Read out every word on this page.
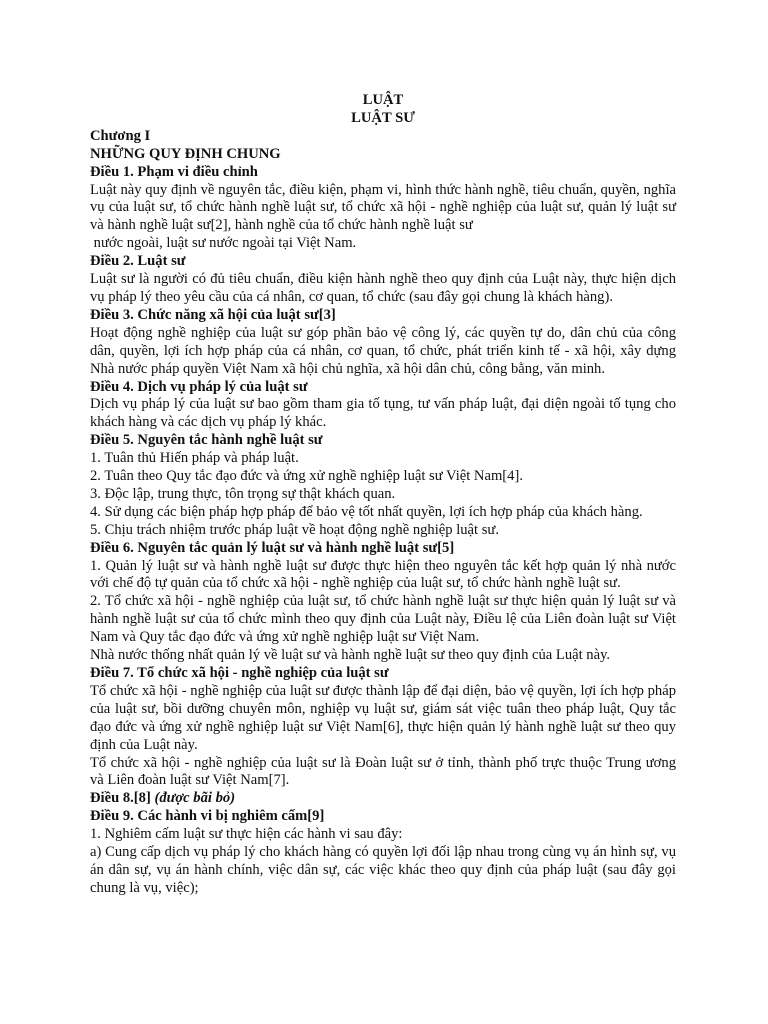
LUẬT
LUẬT SƯ
Chương I
NHỮNG QUY ĐỊNH CHUNG
Điều 1. Phạm vi điều chỉnh

Luật này quy định về nguyên tắc, điều kiện, phạm vi, hình thức hành nghề, tiêu chuẩn, quyền, nghĩa vụ của luật sư, tổ chức hành nghề luật sư, tổ chức xã hội - nghề nghiệp của luật sư, quản lý luật sư và hành nghề luật sư[2], hành nghề của tổ chức hành nghề luật sư

nước ngoài, luật sư nước ngoài tại Việt Nam.

Điều 2. Luật sư

Luật sư là người có đủ tiêu chuẩn, điều kiện hành nghề theo quy định của Luật này, thực hiện dịch vụ pháp lý theo yêu cầu của cá nhân, cơ quan, tổ chức (sau đây gọi chung là khách hàng).

Điều 3. Chức năng xã hội của luật sư[3]

Hoạt động nghề nghiệp của luật sư góp phần bảo vệ công lý, các quyền tự do, dân chủ của công dân, quyền, lợi ích hợp pháp của cá nhân, cơ quan, tổ chức, phát triển kinh tế - xã hội, xây dựng Nhà nước pháp quyền Việt Nam xã hội chủ nghĩa, xã hội dân chủ, công bằng, văn minh.

Điều 4. Dịch vụ pháp lý của luật sư

Dịch vụ pháp lý của luật sư bao gồm tham gia tố tụng, tư vấn pháp luật, đại diện ngoài tố tụng cho khách hàng và các dịch vụ pháp lý khác.

Điều 5. Nguyên tắc hành nghề luật sư

1. Tuân thủ Hiến pháp và pháp luật.

2. Tuân theo Quy tắc đạo đức và ứng xử nghề nghiệp luật sư Việt Nam[4].

3. Độc lập, trung thực, tôn trọng sự thật khách quan.

4. Sử dụng các biện pháp hợp pháp để bảo vệ tốt nhất quyền, lợi ích hợp pháp của khách hàng.

5. Chịu trách nhiệm trước pháp luật về hoạt động nghề nghiệp luật sư.

Điều 6. Nguyên tắc quản lý luật sư và hành nghề luật sư[5]

1. Quản lý luật sư và hành nghề luật sư được thực hiện theo nguyên tắc kết hợp quản lý nhà nước với chế độ tự quản của tổ chức xã hội - nghề nghiệp của luật sư, tổ chức hành nghề luật sư.

2. Tổ chức xã hội - nghề nghiệp của luật sư, tổ chức hành nghề luật sư thực hiện quản lý luật sư và hành nghề luật sư của tổ chức mình theo quy định của Luật này, Điều lệ của Liên đoàn luật sư Việt Nam và Quy tắc đạo đức và ứng xử nghề nghiệp luật sư Việt Nam.

Nhà nước thống nhất quản lý về luật sư và hành nghề luật sư theo quy định của Luật này.

Điều 7. Tổ chức xã hội - nghề nghiệp của luật sư

Tổ chức xã hội - nghề nghiệp của luật sư được thành lập để đại diện, bảo vệ quyền, lợi ích hợp pháp của luật sư, bồi dưỡng chuyên môn, nghiệp vụ luật sư, giám sát việc tuân theo pháp luật, Quy tắc đạo đức và ứng xử nghề nghiệp luật sư Việt Nam[6], thực hiện quản lý hành nghề luật sư theo quy định của Luật này.

Tổ chức xã hội - nghề nghiệp của luật sư là Đoàn luật sư ở tỉnh, thành phố trực thuộc Trung ương và Liên đoàn luật sư Việt Nam[7].

Điều 8.[8] (được bãi bỏ)
Điều 9. Các hành vi bị nghiêm cấm[9]

1. Nghiêm cấm luật sư thực hiện các hành vi sau đây:

a) Cung cấp dịch vụ pháp lý cho khách hàng có quyền lợi đối lập nhau trong cùng vụ án hình sự, vụ án dân sự, vụ án hành chính, việc dân sự, các việc khác theo quy định của pháp luật (sau đây gọi chung là vụ, việc);
